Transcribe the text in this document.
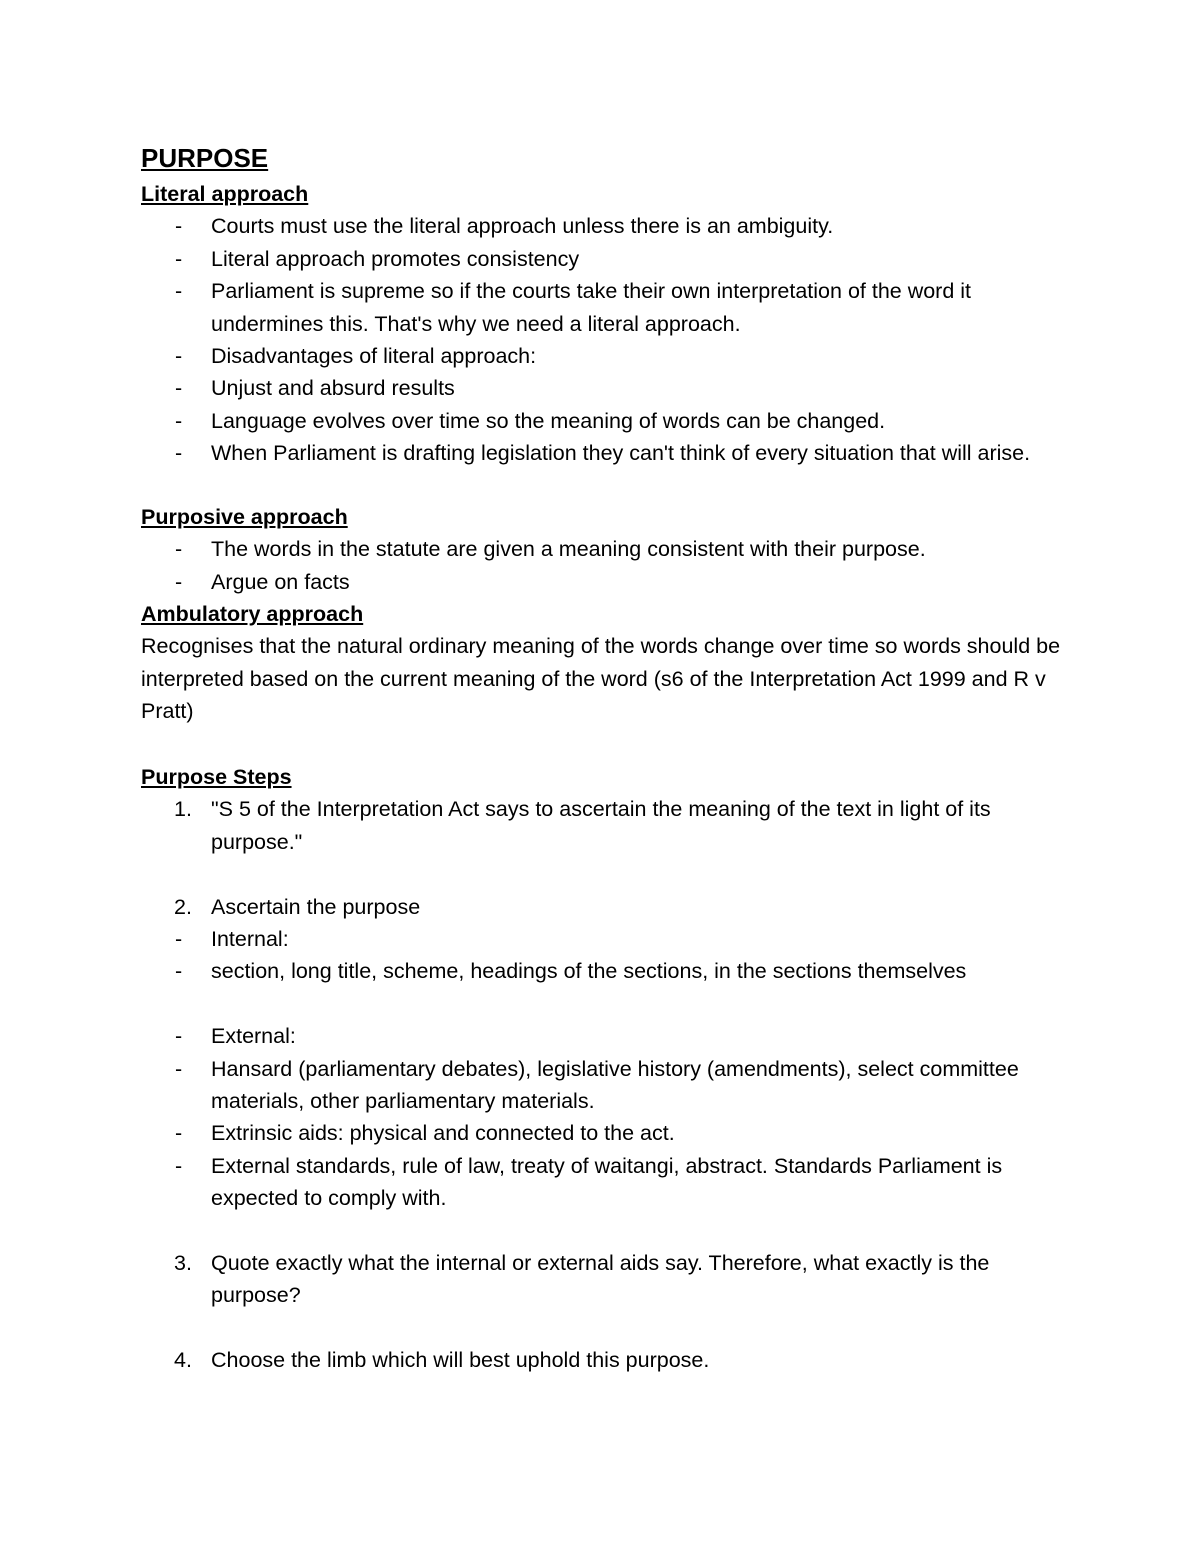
PURPOSE

Literal approach

-	Courts must use the literal approach unless there is an ambiguity.
-	Literal approach promotes consistency
-	Parliament is supreme so if the courts take their own interpretation of the word it undermines this. That's why we need a literal approach.
-	Disadvantages of literal approach:
-	Unjust and absurd results
-	Language evolves over time so the meaning of words can be changed.
-	When Parliament is drafting legislation they can't think of every situation that will arise.

Purposive approach

-	The words in the statute are given a meaning consistent with their purpose.
-	Argue on facts

Ambulatory approach

Recognises that the natural ordinary meaning of the words change over time so words should be interpreted based on the current meaning of the word (s6 of the Interpretation Act 1999 and R v Pratt)

Purpose Steps

1. "S 5 of the Interpretation Act says to ascertain the meaning of the text in light of its purpose."
2. Ascertain the purpose
-	Internal:
-	section, long title, scheme, headings of the sections, in the sections themselves
-	External:
-	Hansard (parliamentary debates), legislative history (amendments), select committee materials, other parliamentary materials.
-	Extrinsic aids: physical and connected to the act.
-	External standards, rule of law, treaty of waitangi, abstract. Standards Parliament is expected to comply with.
3. Quote exactly what the internal or external aids say. Therefore, what exactly is the purpose?
4. Choose the limb which will best uphold this purpose.
